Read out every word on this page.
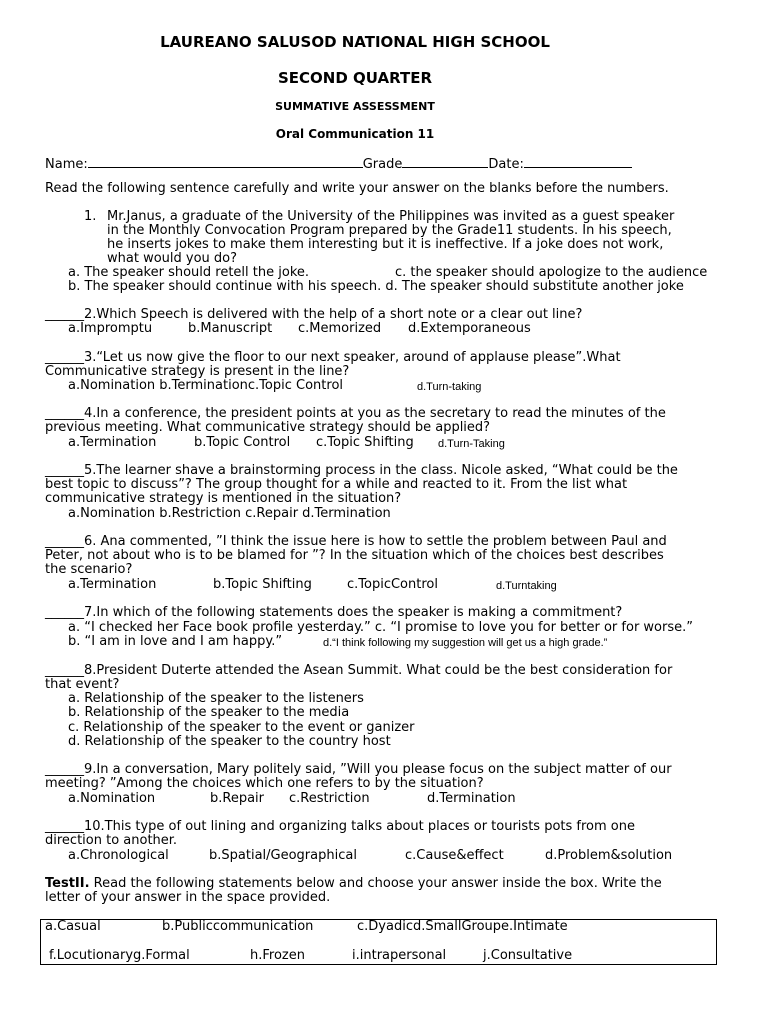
LAUREANO SALUSOD NATIONAL HIGH SCHOOL
SECOND QUARTER
SUMMATIVE ASSESSMENT
Oral Communication 11
Name:	Grade	Date:
Read the following sentence carefully and write your answer on the blanks before the numbers.
1. Mr.Janus, a graduate of the University of the Philippines was invited as a guest speaker
in the Monthly Convocation Program prepared by the Grade11 students. In his speech,
he inserts jokes to make them interesting but it is ineffective. If a joke does not work,
what would you do?
a. The speaker should retell the joke.	c. the speaker should apologize to the audience
b. The speaker should continue with his speech. d. The speaker should substitute another joke
______2.Which Speech is delivered with the help of a short note or a clear out line?
a.Impromptu	b.Manuscript c.Memorized d.Extemporaneous
______3.“Let us now give the floor to our next speaker, around of applause please”.What
Communicative strategy is present in the line?
a.Nomination b.Terminationc.Topic Control	d.Turn-taking
______4.In a conference, the president points at you as the secretary to read the minutes of the
previous meeting. What communicative strategy should be applied?
a.Termination	b.Topic Control c.Topic Shifting d.Turn-Taking
______5.The learner shave a brainstorming process in the class. Nicole asked, “What could be the
best topic to discuss”? The group thought for a while and reacted to it. From the list what
communicative strategy is mentioned in the situation?
a.Nomination b.Restriction c.Repair d.Termination
______6. Ana commented, ”I think the issue here is how to settle the problem between Paul and
Peter, not about who is to be blamed for ”? In the situation which of the choices best describes
the scenario?
a.Termination	b.Topic Shifting	c.TopicControl	d.Turntaking
______7.In which of the following statements does the speaker is making a commitment?
a. “I checked her Face book profile yesterday.” c. “I promise to love you for better or for worse.”
b. “I am in love and I am happy.”	d.“I think following my suggestion will get us a high grade.”
______8.President Duterte attended the Asean Summit. What could be the best consideration for
that event?
a. Relationship of the speaker to the listeners
b. Relationship of the speaker to the media
c. Relationship of the speaker to the event or ganizer
d. Relationship of the speaker to the country host
______9.In a conversation, Mary politely said, ”Will you please focus on the subject matter of our
meeting? ”Among the choices which one refers to by the situation?
a.Nomination	b.Repair c.Restriction	d.Termination
______10.This type of out lining and organizing talks about places or tourists pots from one
direction to another.
a.Chronological	b.Spatial/Geographical	c.Cause&effect	d.Problem&solution
TestII. Read the following statements below and choose your answer inside the box. Write the
letter of your answer in the space provided.
a.Casual	b.Publiccommunication	c.Dyadicd.SmallGroupe.Intimate
f.Locutionaryg.Formal	h.Frozen	i.intrapersonal	j.Consultative
